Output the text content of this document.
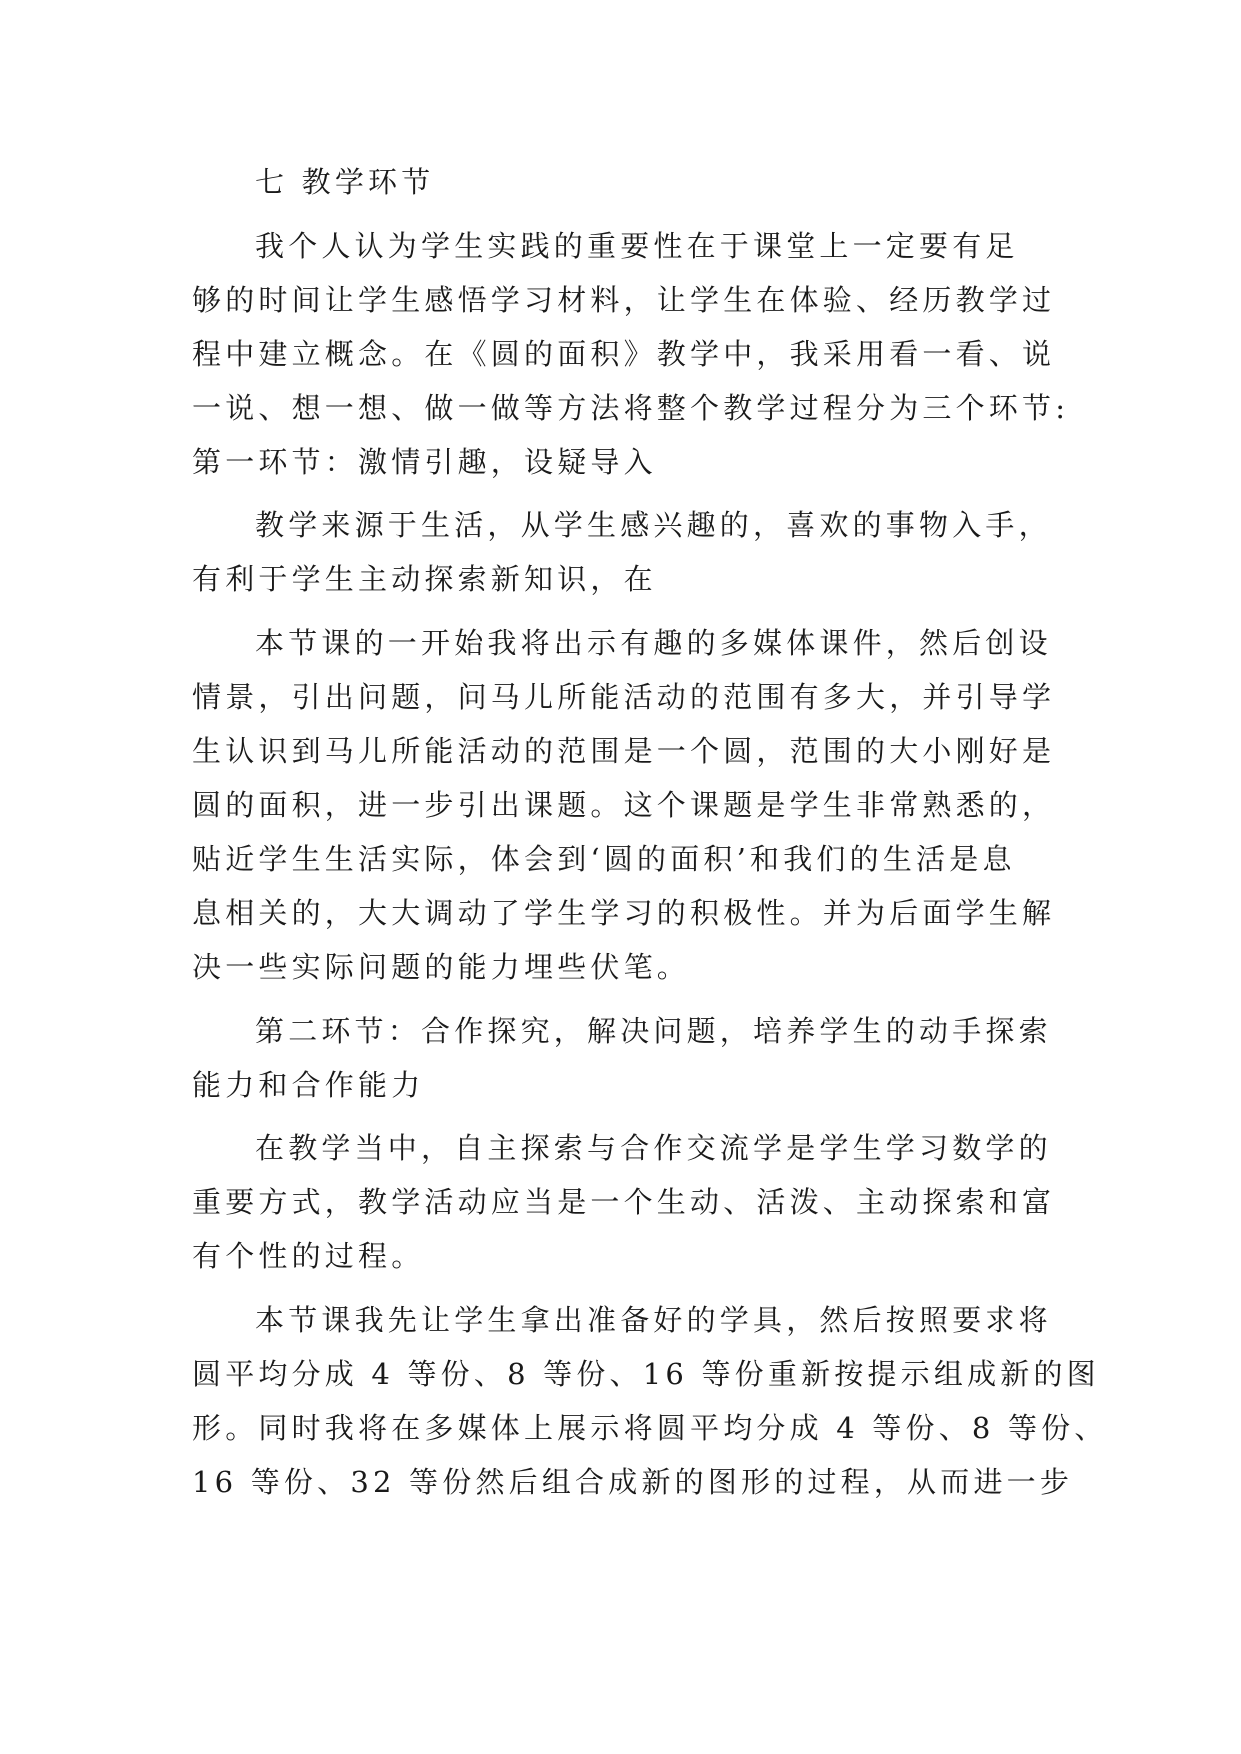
七 教学环节
我个人认为学生实践的重要性在于课堂上一定要有足
够的时间让学生感悟学习材料，让学生在体验、经历教学过
程中建立概念。在《圆的面积》教学中，我采用看一看、说
一说、想一想、做一做等方法将整个教学过程分为三个环节:
第一环节：激情引趣，设疑导入
教学来源于生活，从学生感兴趣的，喜欢的事物入手，
有利于学生主动探索新知识，在
本节课的一开始我将出示有趣的多媒体课件，然后创设
情景，引出问题，问马儿所能活动的范围有多大，并引导学
生认识到马儿所能活动的范围是一个圆，范围的大小刚好是
圆的面积，进一步引出课题。这个课题是学生非常熟悉的，
贴近学生生活实际，体会到‘圆的面积’和我们的生活是息
息相关的，大大调动了学生学习的积极性。并为后面学生解
决一些实际问题的能力埋些伏笔。
第二环节：合作探究，解决问题，培养学生的动手探索
能力和合作能力
在教学当中，自主探索与合作交流学是学生学习数学的
重要方式，教学活动应当是一个生动、活泼、主动探索和富
有个性的过程。
本节课我先让学生拿出准备好的学具，然后按照要求将
圆平均分成 4 等份、8 等份、16 等份重新按提示组成新的图
形。同时我将在多媒体上展示将圆平均分成 4 等份、8 等份、
16 等份、32 等份然后组合成新的图形的过程，从而进一步
